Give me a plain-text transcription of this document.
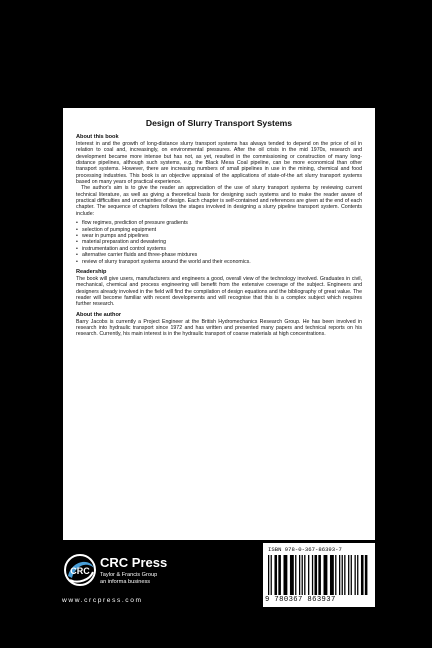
Design of Slurry Transport Systems
About this book

Interest in and the growth of long-distance slurry transport systems has always tended to depend on the price of oil in relation to coal and, increasingly, on environmental pressures. After the oil crisis in the mid 1970s, research and development became more intense but has not, as yet, resulted in the commissioning or construction of many long-distance pipelines, although such systems, e.g. the Black Mesa Coal pipeline, can be more economical than other transport systems. However, there are increasing numbers of small pipelines in use in the mining, chemical and food processing industries. This book is an objective appraisal of the applications of state-of-the art slurry transport systems based on many years of practical experience.

The author's aim is to give the reader an appreciation of the use of slurry transport systems by reviewing current technical literature, as well as giving a theoretical basis for designing such systems and to make the reader aware of practical difficulties and uncertainties of design. Each chapter is self-contained and references are given at the end of each chapter. The sequence of chapters follows the stages involved in designing a slurry pipeline transport system. Contents include:

• flow regimes, prediction of pressure gradients
• selection of pumping equipment
• wear in pumps and pipelines
• material preparation and dewatering
• instrumentation and control systems
• alternative carrier fluids and three-phase mixtures
• review of slurry transport systems around the world and their economics.
Readership

The book will give users, manufacturers and engineers a good, overall view of the technology involved. Graduates in civil, mechanical, chemical and process engineering will benefit from the extensive coverage of the subject. Engineers and designers already involved in the field will find the compilation of design equations and the bibliography of great value. The reader will become familiar with recent developments and will recognise that this is a complex subject which requires further research.

About the author

Barry Jacobs is currently a Project Engineer at the British Hydromechanics Research Group. He has been involved in research into hydraulic transport since 1972 and has written and presented many papers and technical reports on his research. Currently, his main interest is in the hydraulic transport of coarse materials at high concentrations.

CRC
CRC Press
Taylor & Francis Group
an informa business
www.crcpress.com
ISBN 978-0-367-86393-7
9 780367 863937
